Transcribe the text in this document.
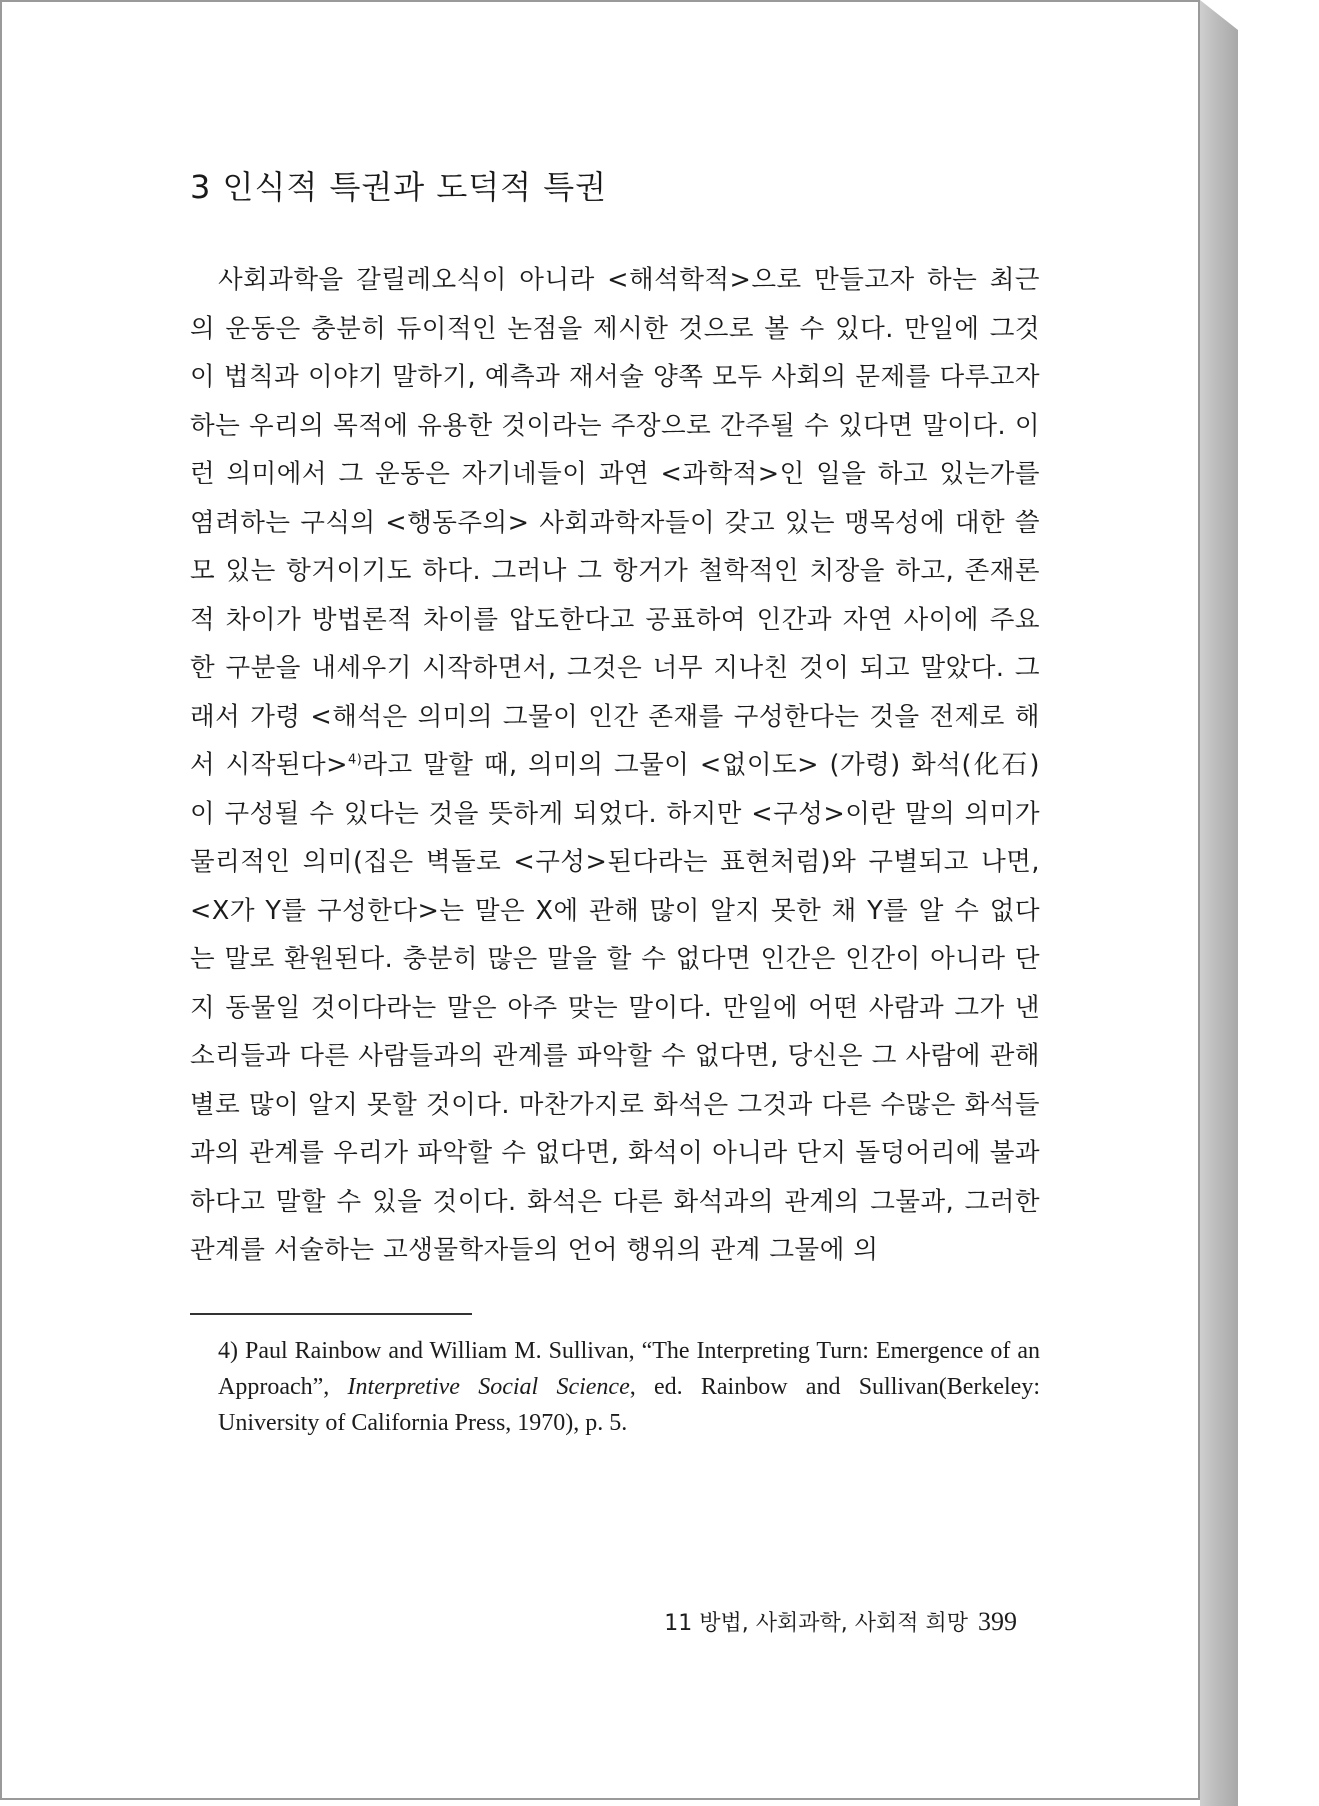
3 인식적 특권과 도덕적 특권

사회과학을 갈릴레오식이 아니라 <해석학적>으로 만들고자 하는 최근의 운동은 충분히 듀이적인 논점을 제시한 것으로 볼 수 있다. 만일에 그것이 법칙과 이야기 말하기, 예측과 재서술 양쪽 모두 사회의 문제를 다루고자 하는 우리의 목적에 유용한 것이라는 주장으로 간주될 수 있다면 말이다. 이런 의미에서 그 운동은 자기네들이 과연 <과학적>인 일을 하고 있는가를 염려하는 구식의 <행동주의> 사회과학자들이 갖고 있는 맹목성에 대한 쓸모 있는 항거이기도 하다. 그러나 그 항거가 철학적인 치장을 하고, 존재론적 차이가 방법론적 차이를 압도한다고 공표하여 인간과 자연 사이에 주요한 구분을 내세우기 시작하면서, 그것은 너무 지나친 것이 되고 말았다. 그래서 가령 <해석은 의미의 그물이 인간 존재를 구성한다는 것을 전제로 해서 시작된다>$^{4)}$라고 말할 때, 의미의 그물이 <없이도> (가령) 화석(化石)이 구성될 수 있다는 것을 뜻하게 되었다. 하지만 <구성>이란 말의 의미가 물리적인 의미(집은 벽돌로 <구성>된다라는 표현처럼)와 구별되고 나면, <X가 Y를 구성한다>는 말은 X에 관해 많이 알지 못한 채 Y를 알 수 없다는 말로 환원된다. 충분히 많은 말을 할 수 없다면 인간은 인간이 아니라 단지 동물일 것이다라는 말은 아주 맞는 말이다. 만일에 어떤 사람과 그가 낸 소리들과 다른 사람들과의 관계를 파악할 수 없다면, 당신은 그 사람에 관해 별로 많이 알지 못할 것이다. 마찬가지로 화석은 그것과 다른 수많은 화석들과의 관계를 우리가 파악할 수 없다면, 화석이 아니라 단지 돌덩어리에 불과하다고 말할 수 있을 것이다. 화석은 다른 화석과의 관계의 그물과, 그러한 관계를 서술하는 고생물학자들의 언어 행위의 관계 그물에 의

4) Paul Rainbow and William M. Sullivan, “The Interpreting Turn: Emergence of an Approach”, Interpretive Social Science, ed. Rainbow and Sullivan(Berkeley: University of California Press, 1970), p. 5.

11 방법, 사회과학, 사회적 희망 399
